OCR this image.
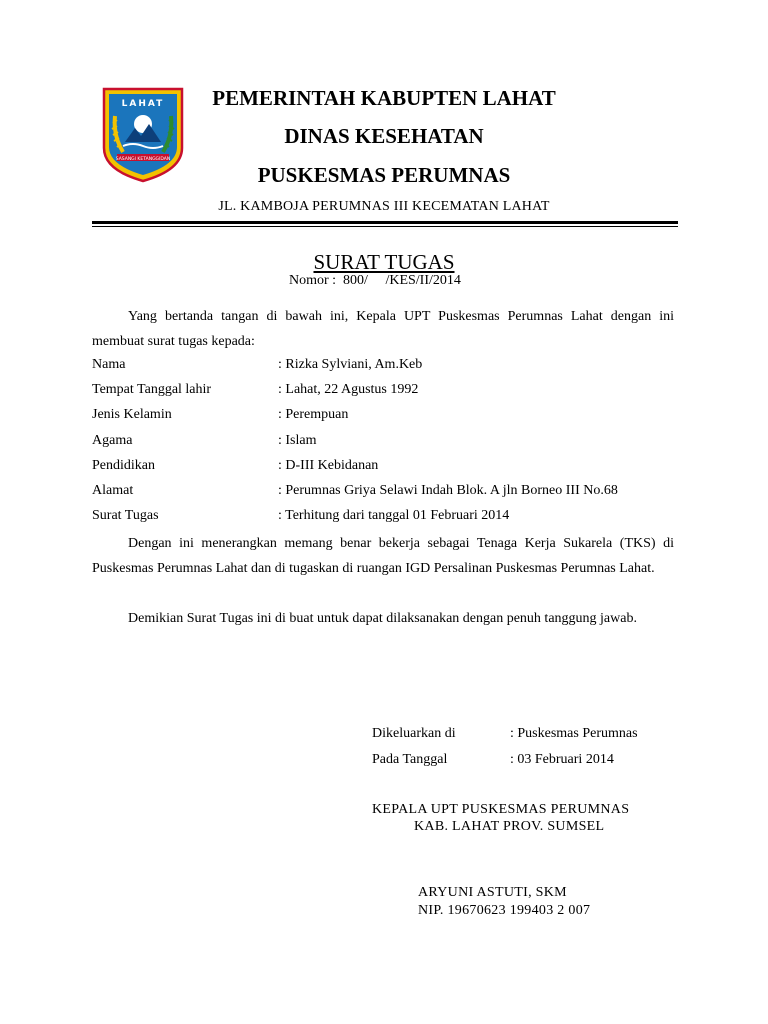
LAHAT
SASANGI KETANGGIDAN
PEMERINTAH KABUPTEN LAHAT
DINAS KESEHATAN
PUSKESMAS PERUMNAS
JL. KAMBOJA PERUMNAS III KECEMATAN LAHAT
SURAT TUGAS
Nomor :  800/     /KES/II/2014
Yang bertanda tangan di bawah ini, Kepala UPT Puskesmas Perumnas Lahat dengan ini membuat surat tugas kepada:
Nama	: Rizka Sylviani, Am.Keb
Tempat Tanggal lahir	: Lahat, 22 Agustus 1992
Jenis Kelamin	: Perempuan
Agama	: Islam
Pendidikan	: D-III Kebidanan
Alamat	: Perumnas Griya Selawi Indah Blok. A jln Borneo III No.68
Surat Tugas	: Terhitung dari tanggal 01 Februari 2014
Dengan ini menerangkan memang benar bekerja sebagai Tenaga Kerja Sukarela (TKS) di Puskesmas Perumnas Lahat dan di tugaskan di ruangan IGD Persalinan Puskesmas Perumnas Lahat.
Demikian Surat Tugas ini di buat untuk dapat dilaksanakan dengan penuh tanggung jawab.
Dikeluarkan di	: Puskesmas Perumnas
Pada Tanggal	: 03 Februari 2014
KEPALA UPT PUSKESMAS PERUMNAS
KAB. LAHAT PROV. SUMSEL
ARYUNI ASTUTI, SKM
NIP. 19670623 199403 2 007
